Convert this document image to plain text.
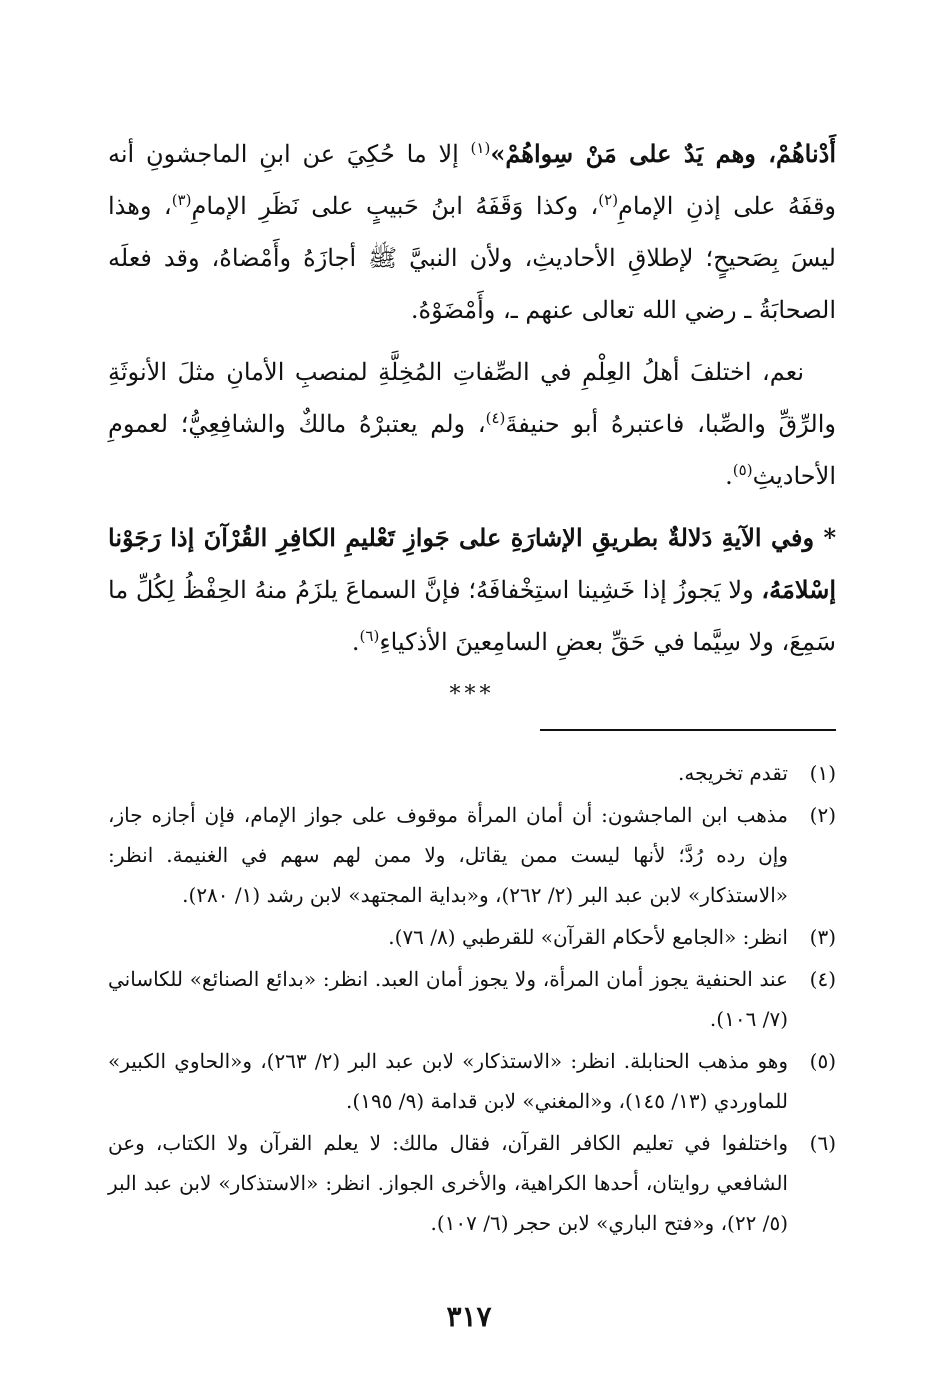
أَدْناهُمْ، وهم يَدٌ على مَنْ سِواهُمْ»$^{(١)}$ إلا ما حُكِيَ عن ابنِ الماجشونِ أنه وقفَهُ على إذنِ الإمامِ$^{(٢)}$، وكذا وَقَفَهُ ابنُ حَبيبٍ على نَظَرِ الإمامِ$^{(٣)}$، وهذا ليسَ بِصَحيحٍ؛ لإطلاقِ الأحاديثِ، ولأن النبيَّ ﷺ أجازَهُ وأَمْضاهُ، وقد فعلَه الصحابَةُ ـ رضي الله تعالى عنهم ـ، وأَمْضَوْهُ.

نعم، اختلفَ أهلُ العِلْمِ في الصِّفاتِ المُخِلَّةِ لمنصبِ الأمانِ مثلَ الأنوثَةِ والرِّقِّ والصِّبا، فاعتبرهُ أبو حنيفةَ$^{(٤)}$، ولم يعتبرْهُ مالكٌ والشافِعِيُّ؛ لعمومِ الأحاديثِ$^{(٥)}$.

* وفي الآيةِ دَلالةٌ بطريقِ الإشارَةِ على جَوازِ تَعْليمِ الكافِرِ القُرْآنَ إذا رَجَوْنا إسْلامَهُ، ولا يَجوزُ إذا خَشِينا استِخْفافَهُ؛ فإنَّ السماعَ يلزَمُ منهُ الحِفْظُ لِكُلِّ ما سَمِعَ، ولا سِيَّما في حَقِّ بعضِ السامِعينَ الأذكياءِ$^{(٦)}$.

***
(١)
تقدم تخريجه.
(٢)
مذهب ابن الماجشون: أن أمان المرأة موقوف على جواز الإمام، فإن أجازه جاز، وإن رده رُدَّ؛ لأنها ليست ممن يقاتل، ولا ممن لهم سهم في الغنيمة. انظر: «الاستذكار» لابن عبد البر (٢/ ٢٦٢)، و«بداية المجتهد» لابن رشد (١/ ٢٨٠).
(٣)
انظر: «الجامع لأحكام القرآن» للقرطبي (٨/ ٧٦).
(٤)
عند الحنفية يجوز أمان المرأة، ولا يجوز أمان العبد. انظر: «بدائع الصنائع» للكاساني (٧/ ١٠٦).
(٥)
وهو مذهب الحنابلة. انظر: «الاستذكار» لابن عبد البر (٢/ ٢٦٣)، و«الحاوي الكبير» للماوردي (١٣/ ١٤٥)، و«المغني» لابن قدامة (٩/ ١٩٥).
(٦)
واختلفوا في تعليم الكافر القرآن، فقال مالك: لا يعلم القرآن ولا الكتاب، وعن الشافعي روايتان، أحدها الكراهية، والأخرى الجواز. انظر: «الاستذكار» لابن عبد البر (٥/ ٢٢)، و«فتح الباري» لابن حجر (٦/ ١٠٧).
٣١٧
